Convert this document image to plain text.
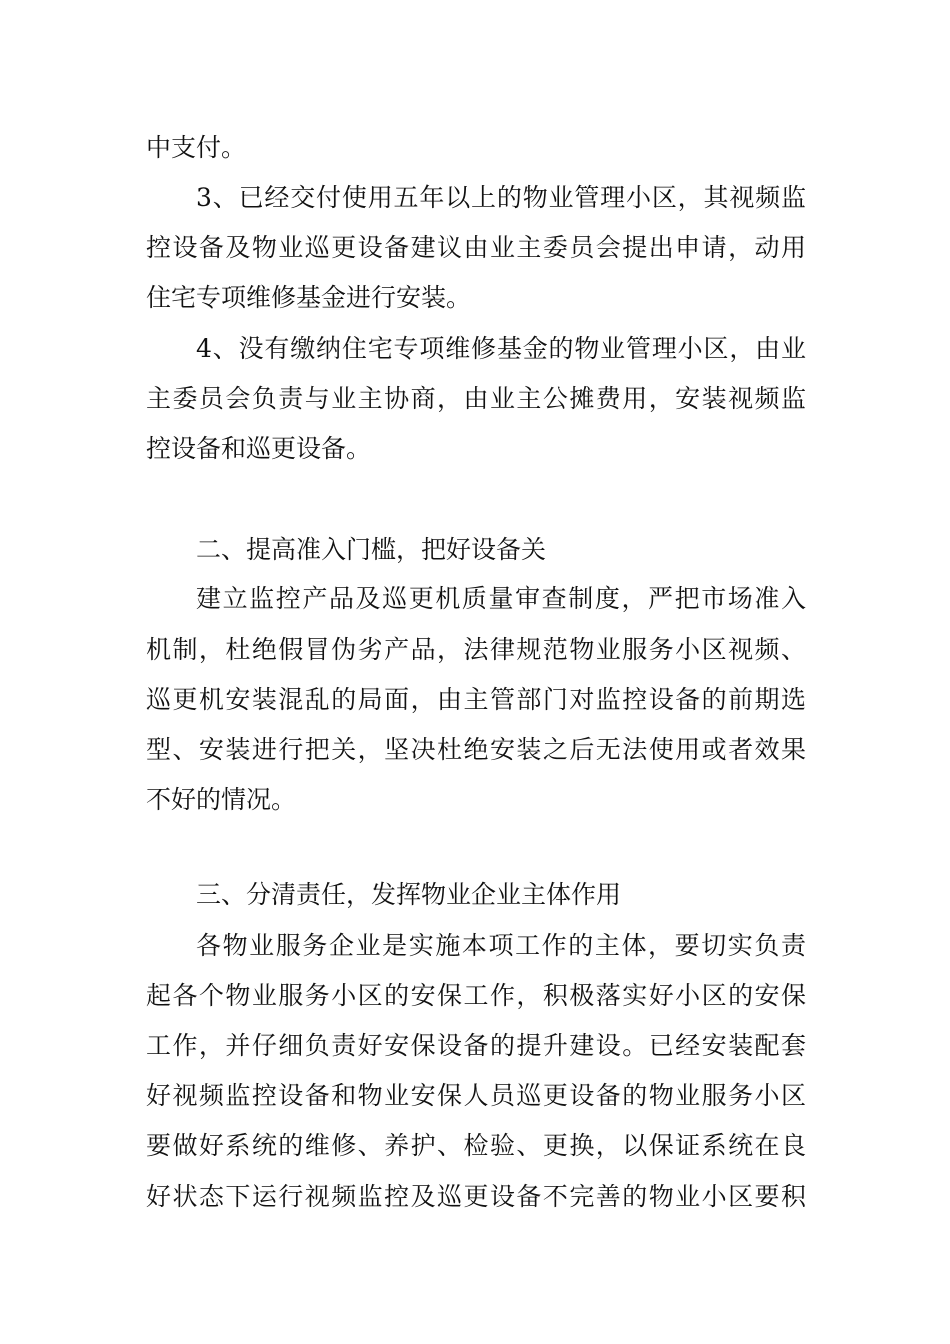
中支付。
3、已经交付使用五年以上的物业管理小区，其视频监
控设备及物业巡更设备建议由业主委员会提出申请，动用
住宅专项维修基金进行安装。
4、没有缴纳住宅专项维修基金的物业管理小区，由业
主委员会负责与业主协商，由业主公摊费用，安装视频监
控设备和巡更设备。
二、提高准入门槛，把好设备关
建立监控产品及巡更机质量审查制度，严把市场准入
机制，杜绝假冒伪劣产品，法律规范物业服务小区视频、
巡更机安装混乱的局面，由主管部门对监控设备的前期选
型、安装进行把关，坚决杜绝安装之后无法使用或者效果
不好的情况。
三、分清责任，发挥物业企业主体作用
各物业服务企业是实施本项工作的主体，要切实负责
起各个物业服务小区的安保工作，积极落实好小区的安保
工作，并仔细负责好安保设备的提升建设。已经安装配套
好视频监控设备和物业安保人员巡更设备的物业服务小区
要做好系统的维修、养护、检验、更换，以保证系统在良
好状态下运行视频监控及巡更设备不完善的物业小区要积
